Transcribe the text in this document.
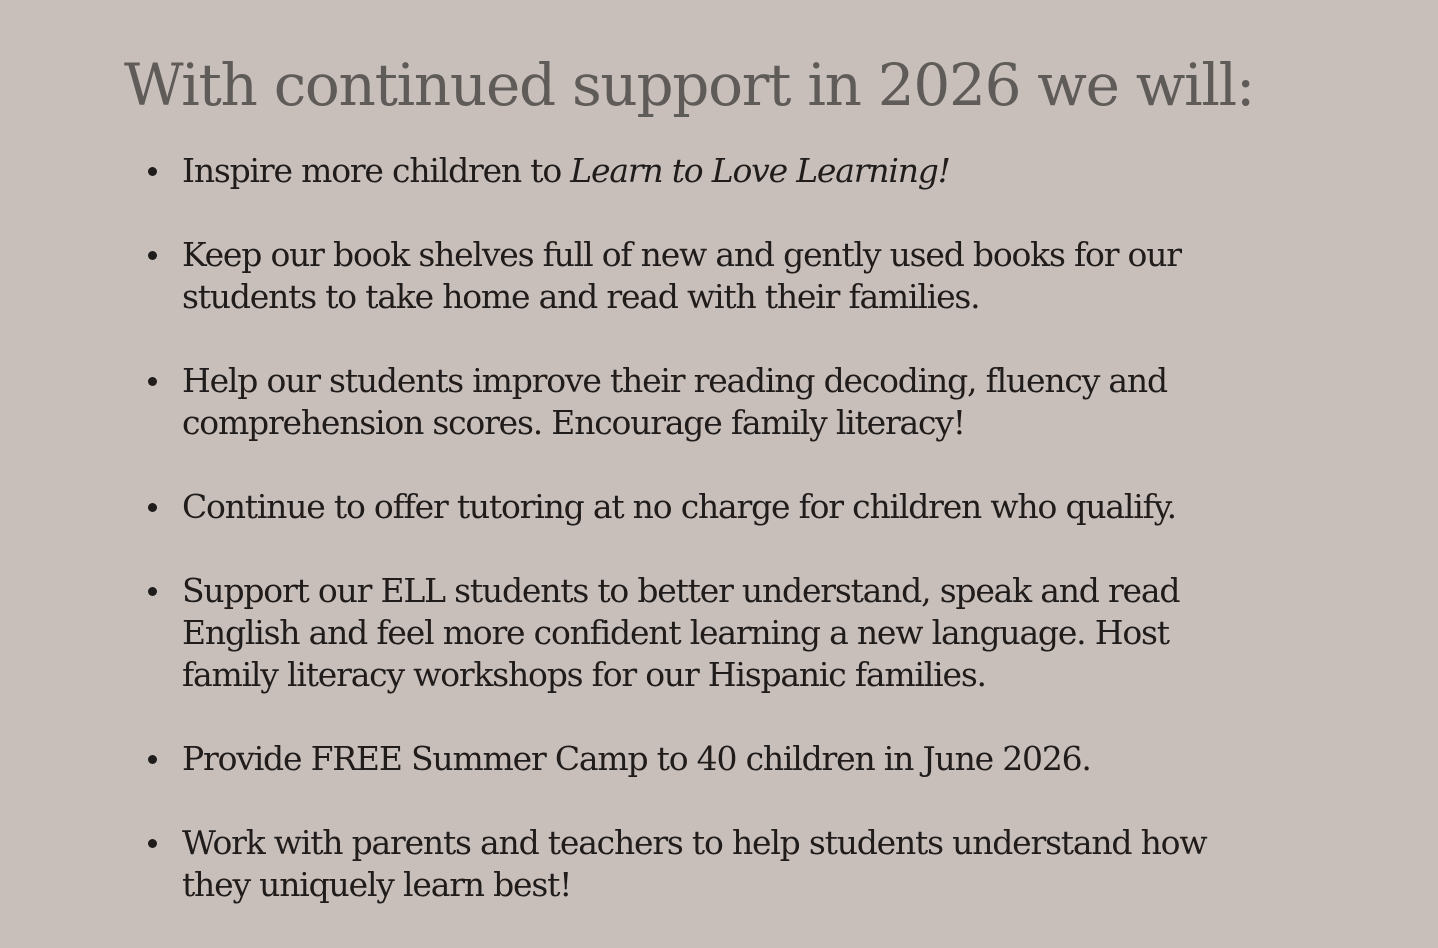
With continued support in 2026 we will:
Inspire more children to Learn to Love Learning!
Keep our book shelves full of new and gently used books for our students to take home and read with their families.
Help our students improve their reading decoding, fluency and comprehension scores. Encourage family literacy!
Continue to offer tutoring at no charge for children who qualify.
Support our ELL students to better understand, speak and read English and feel more confident learning a new language. Host family literacy workshops for our Hispanic families.
Provide FREE Summer Camp to 40 children in June 2026.
Work with parents and teachers to help students understand how they uniquely learn best!
